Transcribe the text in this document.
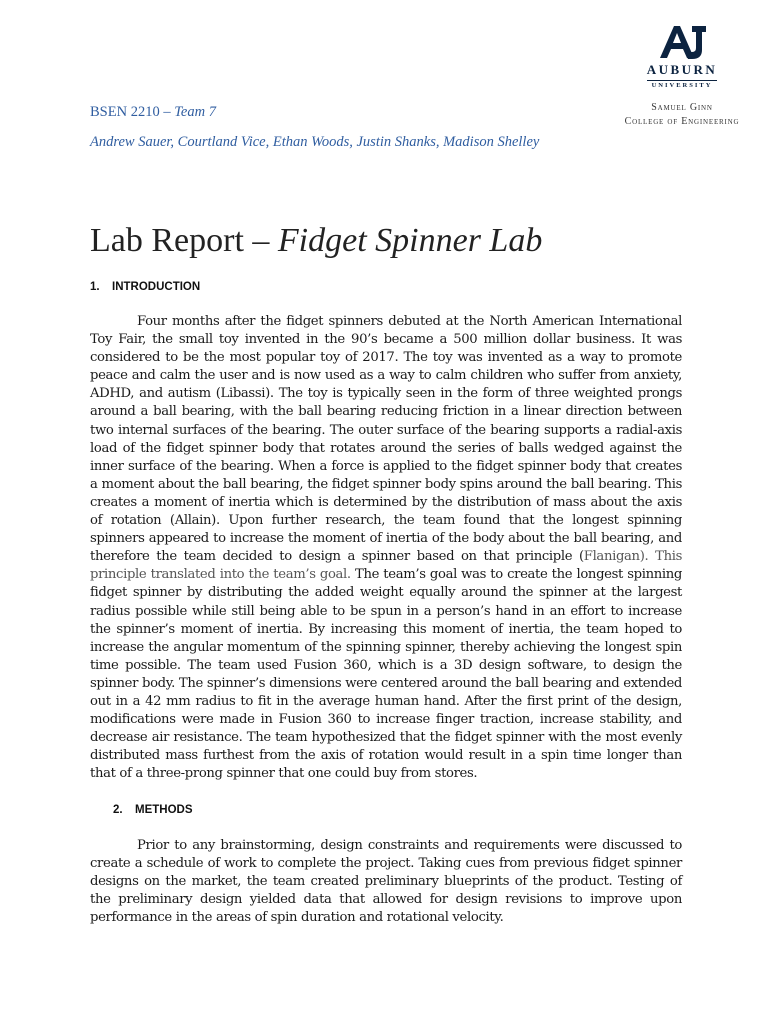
BSEN 2210 – Team 7
Andrew Sauer, Courtland Vice, Ethan Woods, Justin Shanks, Madison Shelley
AUBURN
UNIVERSITY
Samuel Ginn
College of Engineering
Lab Report – Fidget Spinner Lab
1. INTRODUCTION
Four months after the fidget spinners debuted at the North American International Toy Fair, the small toy invented in the 90’s became a 500 million dollar business. It was considered to be the most popular toy of 2017. The toy was invented as a way to promote peace and calm the user and is now used as a way to calm children who suffer from anxiety, ADHD, and autism (Libassi). The toy is typically seen in the form of three weighted prongs around a ball bearing, with the ball bearing reducing friction in a linear direction between two internal surfaces of the bearing. The outer surface of the bearing supports a radial-axis load of the fidget spinner body that rotates around the series of balls wedged against the inner surface of the bearing. When a force is applied to the fidget spinner body that creates a moment about the ball bearing, the fidget spinner body spins around the ball bearing. This creates a moment of inertia which is determined by the distribution of mass about the axis of rotation (Allain). Upon further research, the team found that the longest spinning spinners appeared to increase the moment of inertia of the body about the ball bearing, and therefore the team decided to design a spinner based on that principle (Flanigan). This principle translated into the team’s goal. The team’s goal was to create the longest spinning fidget spinner by distributing the added weight equally around the spinner at the largest radius possible while still being able to be spun in a person’s hand in an effort to increase the spinner’s moment of inertia. By increasing this moment of inertia, the team hoped to increase the angular momentum of the spinning spinner, thereby achieving the longest spin time possible. The team used Fusion 360, which is a 3D design software, to design the spinner body. The spinner’s dimensions were centered around the ball bearing and extended out in a 42 mm radius to fit in the average human hand. After the first print of the design, modifications were made in Fusion 360 to increase finger traction, increase stability, and decrease air resistance. The team hypothesized that the fidget spinner with the most evenly distributed mass furthest from the axis of rotation would result in a spin time longer than that of a three-prong spinner that one could buy from stores.
2. METHODS
Prior to any brainstorming, design constraints and requirements were discussed to create a schedule of work to complete the project. Taking cues from previous fidget spinner designs on the market, the team created preliminary blueprints of the product. Testing of the preliminary design yielded data that allowed for design revisions to improve upon performance in the areas of spin duration and rotational velocity.
